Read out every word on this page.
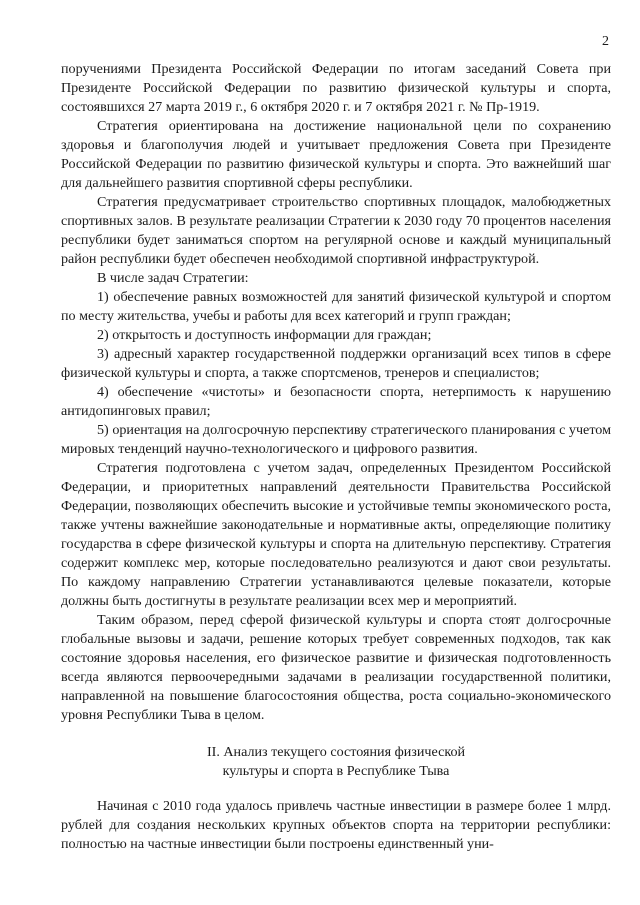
2

поручениями Президента Российской Федерации по итогам заседаний Совета при Президенте Российской Федерации по развитию физической культуры и спорта, состоявшихся 27 марта 2019 г., 6 октября 2020 г. и 7 октября 2021 г. № Пр-1919.

Стратегия ориентирована на достижение национальной цели по сохранению здоровья и благополучия людей и учитывает предложения Совета при Президенте Российской Федерации по развитию физической культуры и спорта. Это важнейший шаг для дальнейшего развития спортивной сферы республики.

Стратегия предусматривает строительство спортивных площадок, малобюджетных спортивных залов. В результате реализации Стратегии к 2030 году 70 процентов населения республики будет заниматься спортом на регулярной основе и каждый муниципальный район республики будет обеспечен необходимой спортивной инфраструктурой.

В числе задач Стратегии:

1) обеспечение равных возможностей для занятий физической культурой и спортом по месту жительства, учебы и работы для всех категорий и групп граждан;

2) открытость и доступность информации для граждан;

3) адресный характер государственной поддержки организаций всех типов в сфере физической культуры и спорта, а также спортсменов, тренеров и специалистов;

4) обеспечение «чистоты» и безопасности спорта, нетерпимость к нарушению антидопинговых правил;

5) ориентация на долгосрочную перспективу стратегического планирования с учетом мировых тенденций научно-технологического и цифрового развития.

Стратегия подготовлена с учетом задач, определенных Президентом Российской Федерации, и приоритетных направлений деятельности Правительства Российской Федерации, позволяющих обеспечить высокие и устойчивые темпы экономического роста, также учтены важнейшие законодательные и нормативные акты, определяющие политику государства в сфере физической культуры и спорта на длительную перспективу. Стратегия содержит комплекс мер, которые последовательно реализуются и дают свои результаты. По каждому направлению Стратегии устанавливаются целевые показатели, которые должны быть достигнуты в результате реализации всех мер и мероприятий.

Таким образом, перед сферой физической культуры и спорта стоят долгосрочные глобальные вызовы и задачи, решение которых требует современных подходов, так как состояние здоровья населения, его физическое развитие и физическая подготовленность всегда являются первоочередными задачами в реализации государственной политики, направленной на повышение благосостояния общества, роста социально-экономического уровня Республики Тыва в целом.

II. Анализ текущего состояния физической
культуры и спорта в Республике Тыва

Начиная с 2010 года удалось привлечь частные инвестиции в размере более 1 млрд. рублей для создания нескольких крупных объектов спорта на территории республики: полностью на частные инвестиции были построены единственный уни-
